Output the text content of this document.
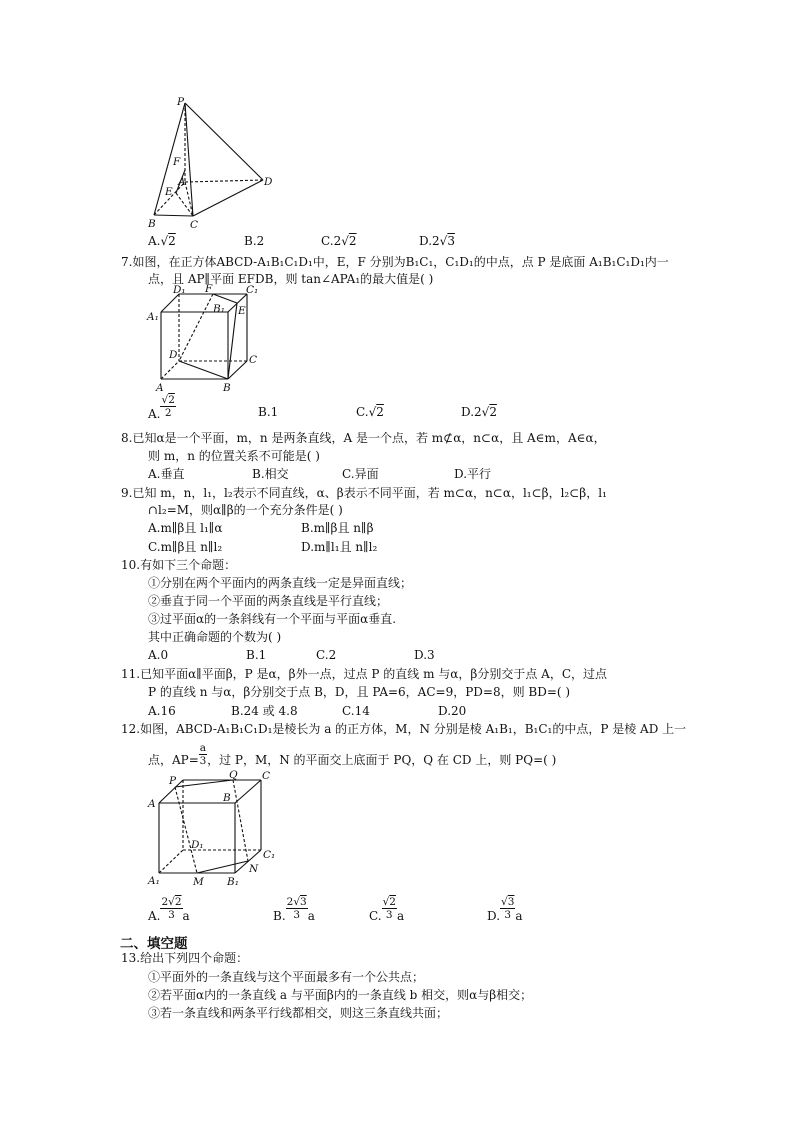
P
D
F
A
E
B	C
A.√2	B.2	C.2√2	D.2√3
7.如图，在正方体ABCD-A₁B₁C₁D₁中，E，F 分别为B₁C₁，C₁D₁的中点，点 P 是底面 A₁B₁C₁D₁内一
点，且 AP∥平面 EFDB，则 tan∠APA₁的最大值是( )
D₁ F	C₁
A₁
B₁ E
D	C
A	B
A. $\frac{√2}{2}$	B.1	C.√2	D.2√2
8.已知α是一个平面，m，n 是两条直线，A 是一个点，若 m⊄α，n⊂α，且 A∈m，A∈α，
则 m，n 的位置关系不可能是( )
A.垂直	B.相交	C.异面	D.平行
9.已知 m，n，l₁，l₂表示不同直线，α、β表示不同平面，若 m⊂α，n⊂α，l₁⊂β，l₂⊂β，l₁
∩l₂=M，则α∥β的一个充分条件是( )
A.m∥β且 l₁∥α	B.m∥β且 n∥β
C.m∥β且 n∥l₂	D.m∥l₁且 n∥l₂
10.有如下三个命题：
①分别在两个平面内的两条直线一定是异面直线；
②垂直于同一个平面的两条直线是平行直线；
③过平面α的一条斜线有一个平面与平面α垂直.
其中正确命题的个数为( )
A.0	B.1	C.2	D.3
11.已知平面α∥平面β，P 是α，β外一点，过点 P 的直线 m 与α，β分别交于点 A，C，过点
P 的直线 n 与α，β分别交于点 B，D，且 PA=6，AC=9，PD=8，则 BD=( )
A.16	B.24 或 4.8	C.14	D.20
12.如图，ABCD-A₁B₁C₁D₁是棱长为 a 的正方体，M，N 分别是棱 A₁B₁，B₁C₁的中点，P 是棱 AD 上一
点，$AP= \frac{a}{3}$ ，过 P，M，N 的平面交上底面于 PQ，Q 在 CD 上，则 PQ=( )
P	Q C
A	B
D₁
C₁
A₁	M B₁
N
A. $\frac{2√2}{3}$ a	B. $\frac{2√3}{3}$ a	C. $\frac{√2}{3}$ a	D. $\frac{√3}{3}$ a
二、填空题
13.给出下列四个命题：
①平面外的一条直线与这个平面最多有一个公共点；
②若平面α内的一条直线 a 与平面β内的一条直线 b 相交，则α与β相交；
③若一条直线和两条平行线都相交，则这三条直线共面；
